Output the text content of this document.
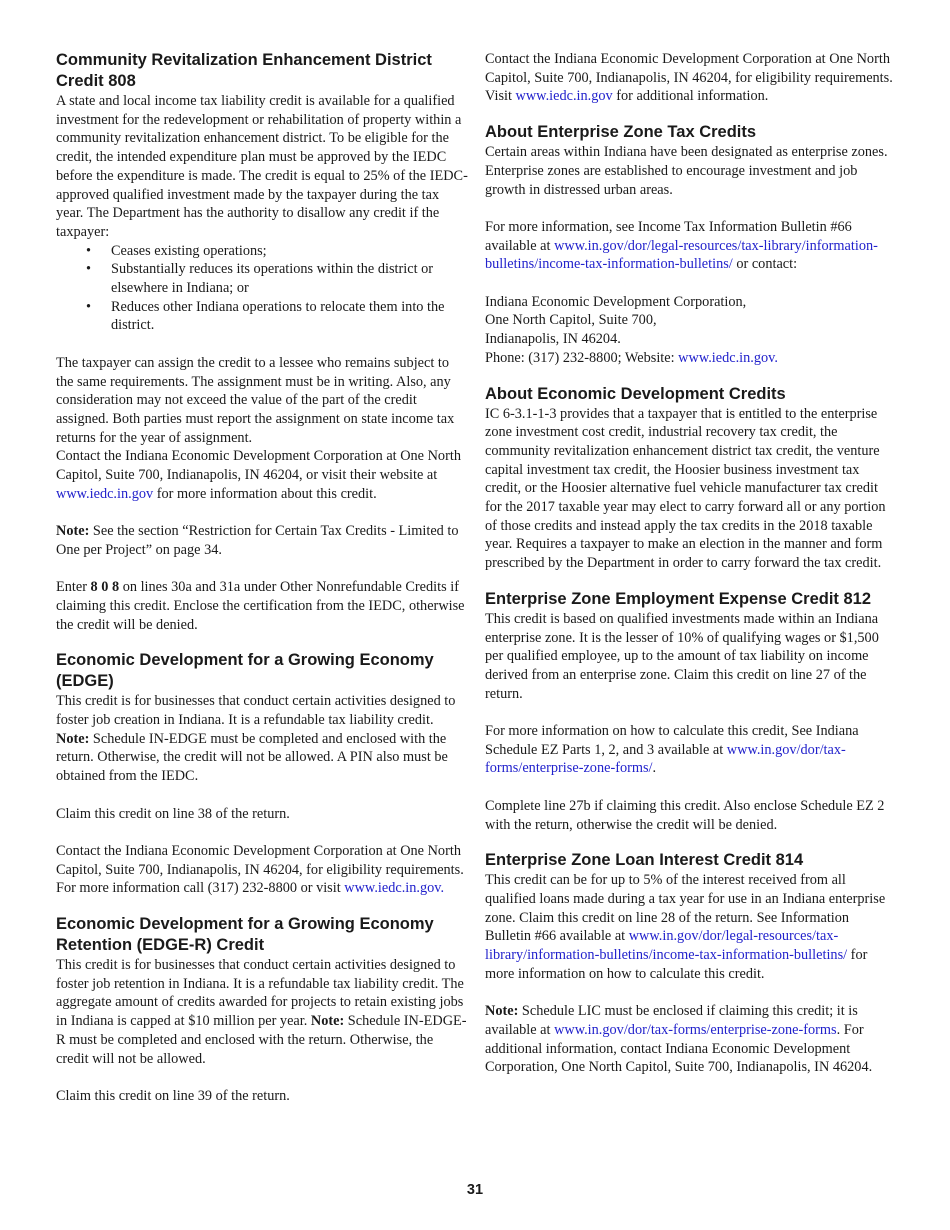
Community Revitalization Enhancement District Credit 808

A state and local income tax liability credit is available for a qualified investment for the redevelopment or rehabilitation of property within a community revitalization enhancement district. To be eligible for the credit, the intended expenditure plan must be approved by the IEDC before the expenditure is made. The credit is equal to 25% of the IEDC-approved qualified investment made by the taxpayer during the tax year. The Department has the authority to disallow any credit if the taxpayer:

• Ceases existing operations;
• Substantially reduces its operations within the district or elsewhere in Indiana; or
• Reduces other Indiana operations to relocate them into the district.

The taxpayer can assign the credit to a lessee who remains subject to the same requirements. The assignment must be in writing. Also, any consideration may not exceed the value of the part of the credit assigned. Both parties must report the assignment on state income tax returns for the year of assignment.

Contact the Indiana Economic Development Corporation at One North Capitol, Suite 700, Indianapolis, IN 46204, or visit their website at www.iedc.in.gov for more information about this credit.

Note: See the section “Restriction for Certain Tax Credits - Limited to One per Project” on page 34.

Enter 8 0 8 on lines 30a and 31a under Other Nonrefundable Credits if claiming this credit. Enclose the certification from the IEDC, otherwise the credit will be denied.

Economic Development for a Growing Economy (EDGE)

This credit is for businesses that conduct certain activities designed to foster job creation in Indiana. It is a refundable tax liability credit. Note: Schedule IN-EDGE must be completed and enclosed with the return. Otherwise, the credit will not be allowed. A PIN also must be obtained from the IEDC.

Claim this credit on line 38 of the return.

Contact the Indiana Economic Development Corporation at One North Capitol, Suite 700, Indianapolis, IN 46204, for eligibility requirements. For more information call (317) 232-8800 or visit www.iedc.in.gov.

Economic Development for a Growing Economy Retention (EDGE-R) Credit

This credit is for businesses that conduct certain activities designed to foster job retention in Indiana. It is a refundable tax liability credit. The aggregate amount of credits awarded for projects to retain existing jobs in Indiana is capped at $10 million per year. Note: Schedule IN-EDGE-R must be completed and enclosed with the return. Otherwise, the credit will not be allowed.

Claim this credit on line 39 of the return.

Contact the Indiana Economic Development Corporation at One North Capitol, Suite 700, Indianapolis, IN 46204, for eligibility requirements. Visit www.iedc.in.gov for additional information.

About Enterprise Zone Tax Credits

Certain areas within Indiana have been designated as enterprise zones. Enterprise zones are established to encourage investment and job growth in distressed urban areas.

For more information, see Income Tax Information Bulletin #66 available at www.in.gov/dor/legal-resources/tax-library/information-bulletins/income-tax-information-bulletins/ or contact:

Indiana Economic Development Corporation,
One North Capitol, Suite 700,
Indianapolis, IN 46204.
Phone: (317) 232-8800; Website: www.iedc.in.gov.

About Economic Development Credits

IC 6-3.1-1-3 provides that a taxpayer that is entitled to the enterprise zone investment cost credit, industrial recovery tax credit, the community revitalization enhancement district tax credit, the venture capital investment tax credit, the Hoosier business investment tax credit, or the Hoosier alternative fuel vehicle manufacturer tax credit for the 2017 taxable year may elect to carry forward all or any portion of those credits and instead apply the tax credits in the 2018 taxable year. Requires a taxpayer to make an election in the manner and form prescribed by the Department in order to carry forward the tax credit.

Enterprise Zone Employment Expense Credit 812

This credit is based on qualified investments made within an Indiana enterprise zone. It is the lesser of 10% of qualifying wages or $1,500 per qualified employee, up to the amount of tax liability on income derived from an enterprise zone. Claim this credit on line 27 of the return.

For more information on how to calculate this credit, See Indiana Schedule EZ Parts 1, 2, and 3 available at www.in.gov/dor/tax-forms/enterprise-zone-forms/.

Complete line 27b if claiming this credit. Also enclose Schedule EZ 2 with the return, otherwise the credit will be denied.

Enterprise Zone Loan Interest Credit 814

This credit can be for up to 5% of the interest received from all qualified loans made during a tax year for use in an Indiana enterprise zone. Claim this credit on line 28 of the return. See Information Bulletin #66 available at www.in.gov/dor/legal-resources/tax-library/information-bulletins/income-tax-information-bulletins/ for more information on how to calculate this credit.

Note: Schedule LIC must be enclosed if claiming this credit; it is available at www.in.gov/dor/tax-forms/enterprise-zone-forms. For additional information, contact Indiana Economic Development Corporation, One North Capitol, Suite 700, Indianapolis, IN 46204.

31
